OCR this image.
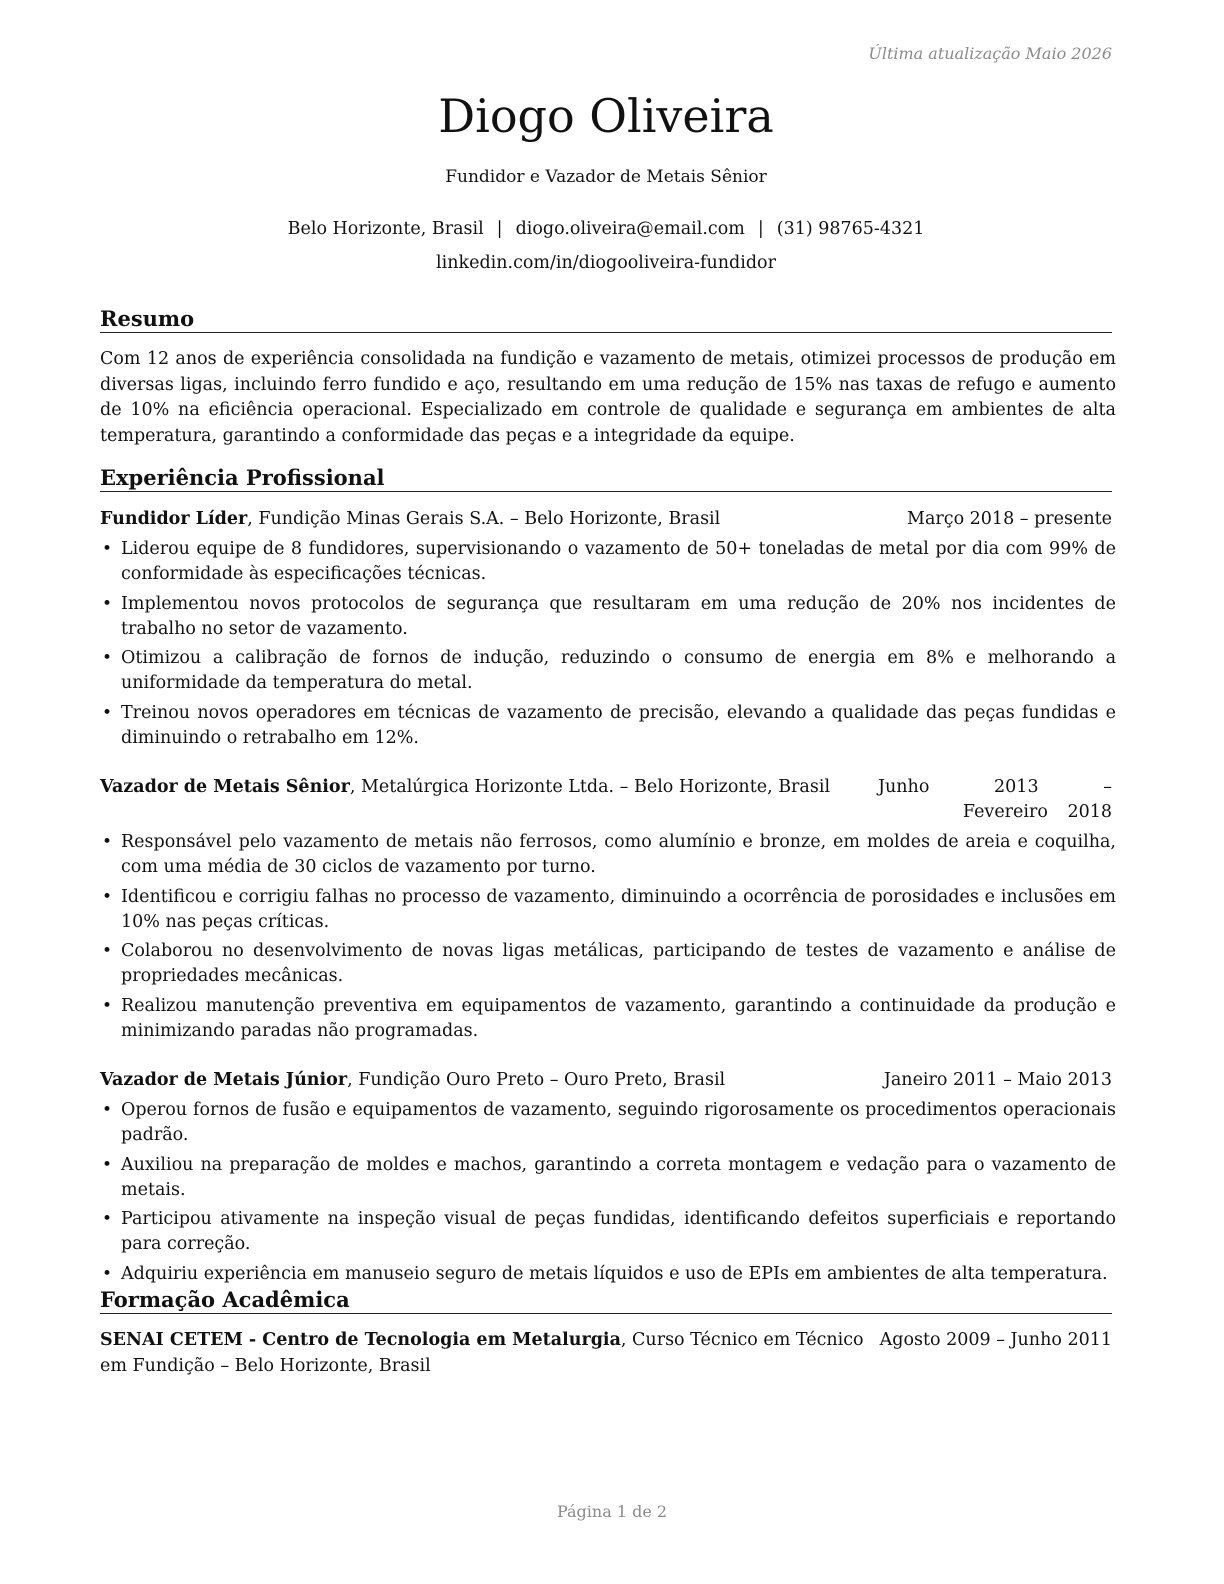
Última atualização Maio 2026
Diogo Oliveira
Fundidor e Vazador de Metais Sênior
Belo Horizonte, Brasil | diogo.oliveira@email.com | (31) 98765-4321
linkedin.com/in/diogooliveira-fundidor
Resumo
Com 12 anos de experiência consolidada na fundição e vazamento de metais, otimizei processos de produção em diversas ligas, incluindo ferro fundido e aço, resultando em uma redução de 15% nas taxas de refugo e aumento de 10% na eficiência operacional. Especializado em controle de qualidade e segurança em ambientes de alta temperatura, garantindo a conformidade das peças e a integridade da equipe.
Experiência Profissional
Fundidor Líder, Fundição Minas Gerais S.A. – Belo Horizonte, Brasil	Março 2018 – presente
• Liderou equipe de 8 fundidores, supervisionando o vazamento de 50+ toneladas de metal por dia com 99% de conformidade às especificações técnicas.
• Implementou novos protocolos de segurança que resultaram em uma redução de 20% nos incidentes de trabalho no setor de vazamento.
• Otimizou a calibração de fornos de indução, reduzindo o consumo de energia em 8% e melhorando a uniformidade da temperatura do metal.
• Treinou novos operadores em técnicas de vazamento de precisão, elevando a qualidade das peças fundidas e diminuindo o retrabalho em 12%.
Vazador de Metais Sênior, Metalúrgica Horizonte Ltda. – Belo Horizonte, Brasil	Junho 2013 – Fevereiro 2018
• Responsável pelo vazamento de metais não ferrosos, como alumínio e bronze, em moldes de areia e coquilha, com uma média de 30 ciclos de vazamento por turno.
• Identificou e corrigiu falhas no processo de vazamento, diminuindo a ocorrência de porosidades e inclusões em 10% nas peças críticas.
• Colaborou no desenvolvimento de novas ligas metálicas, participando de testes de vazamento e análise de propriedades mecânicas.
• Realizou manutenção preventiva em equipamentos de vazamento, garantindo a continuidade da produção e minimizando paradas não programadas.
Vazador de Metais Júnior, Fundição Ouro Preto – Ouro Preto, Brasil	Janeiro 2011 – Maio 2013
• Operou fornos de fusão e equipamentos de vazamento, seguindo rigorosamente os procedimentos operacionais padrão.
• Auxiliou na preparação de moldes e machos, garantindo a correta montagem e vedação para o vazamento de metais.
• Participou ativamente na inspeção visual de peças fundidas, identificando defeitos superficiais e reportando para correção.
• Adquiriu experiência em manuseio seguro de metais líquidos e uso de EPIs em ambientes de alta temperatura.
Formação Acadêmica
Agosto 2009 – Junho 2011
SENAI CETEM - Centro de Tecnologia em Metalurgia, Curso Técnico em Técnico em Fundição – Belo Horizonte, Brasil
Página 1 de 2
